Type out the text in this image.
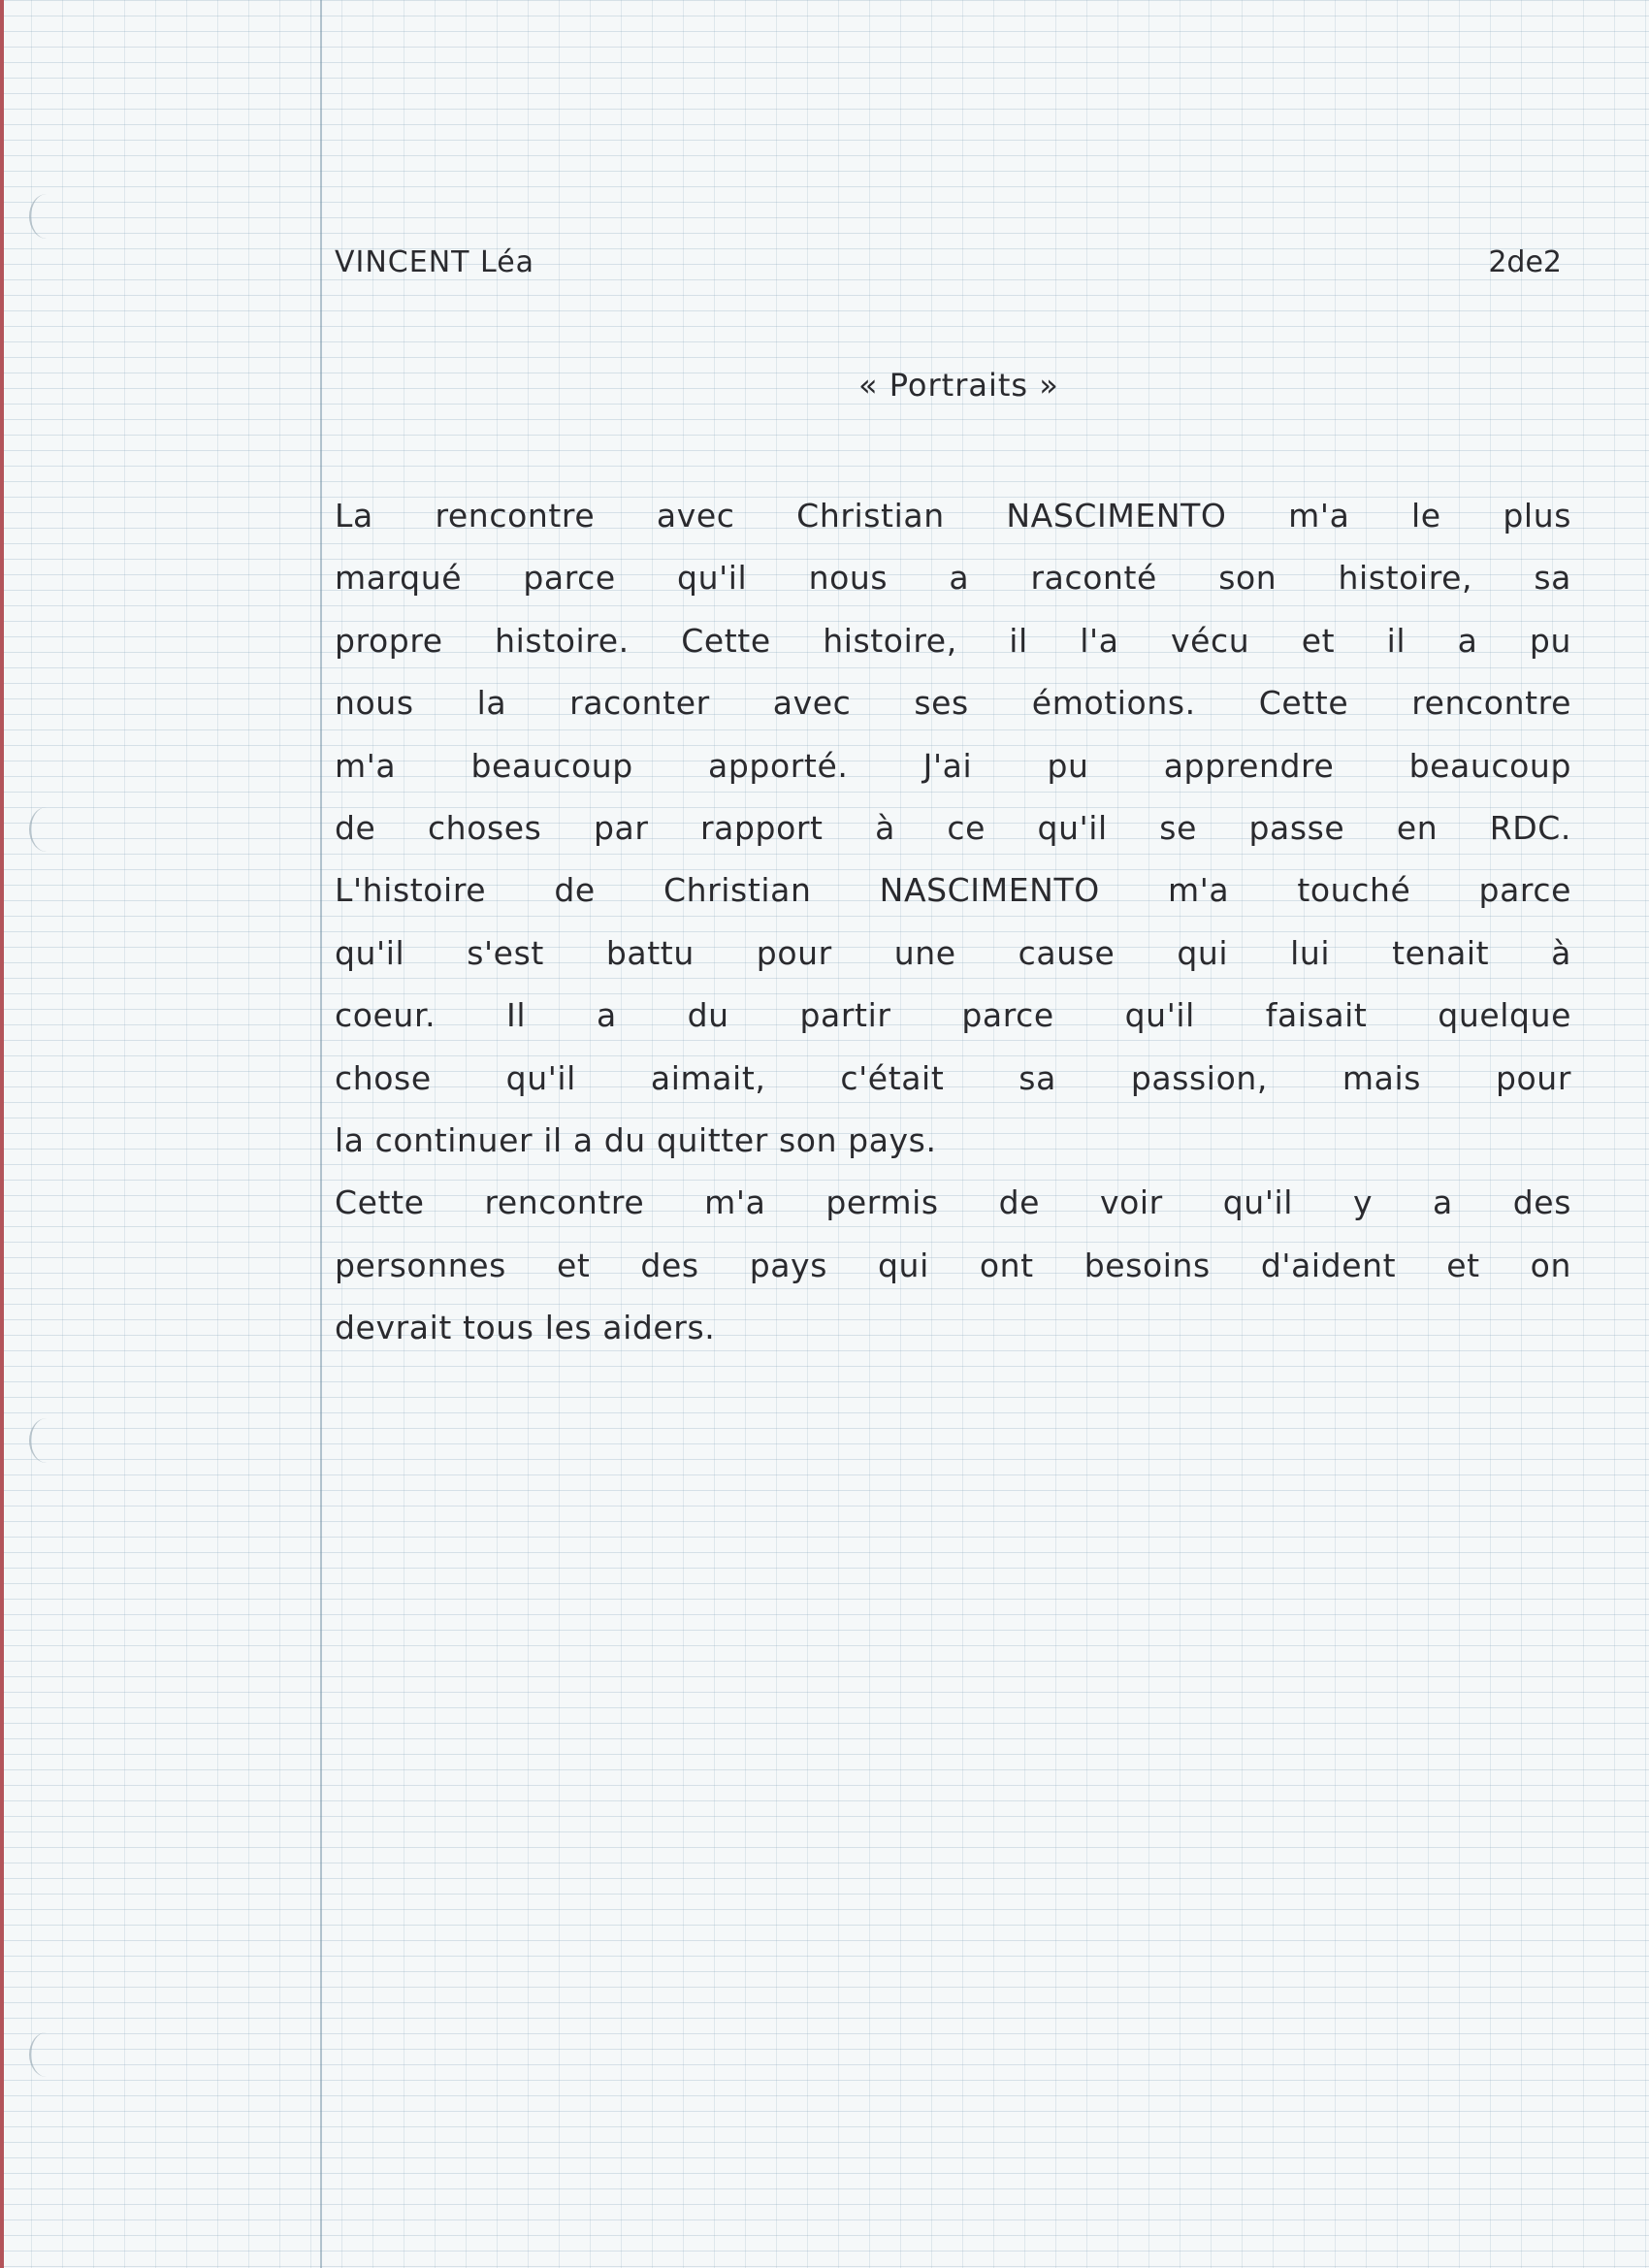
VINCENT Léa	2de2
« Portraits »
La rencontre avec Christian NASCIMENTO m'a le plus
marqué parce qu'il nous a raconté son histoire, sa
propre histoire. Cette histoire, il l'a vécu et il a pu
nous la raconter avec ses émotions. Cette rencontre
m'a beaucoup apporté. J'ai pu apprendre beaucoup
de choses par rapport à ce qu'il se passe en RDC.
L'histoire de Christian NASCIMENTO m'a touché parce
qu'il s'est battu pour une cause qui lui tenait à
coeur. Il a du partir parce qu'il faisait quelque
chose qu'il aimait, c'était sa passion, mais pour
la continuer il a du quitter son pays.
Cette rencontre m'a permis de voir qu'il y a des
personnes et des pays qui ont besoins d'aident et on
devrait tous les aiders.
